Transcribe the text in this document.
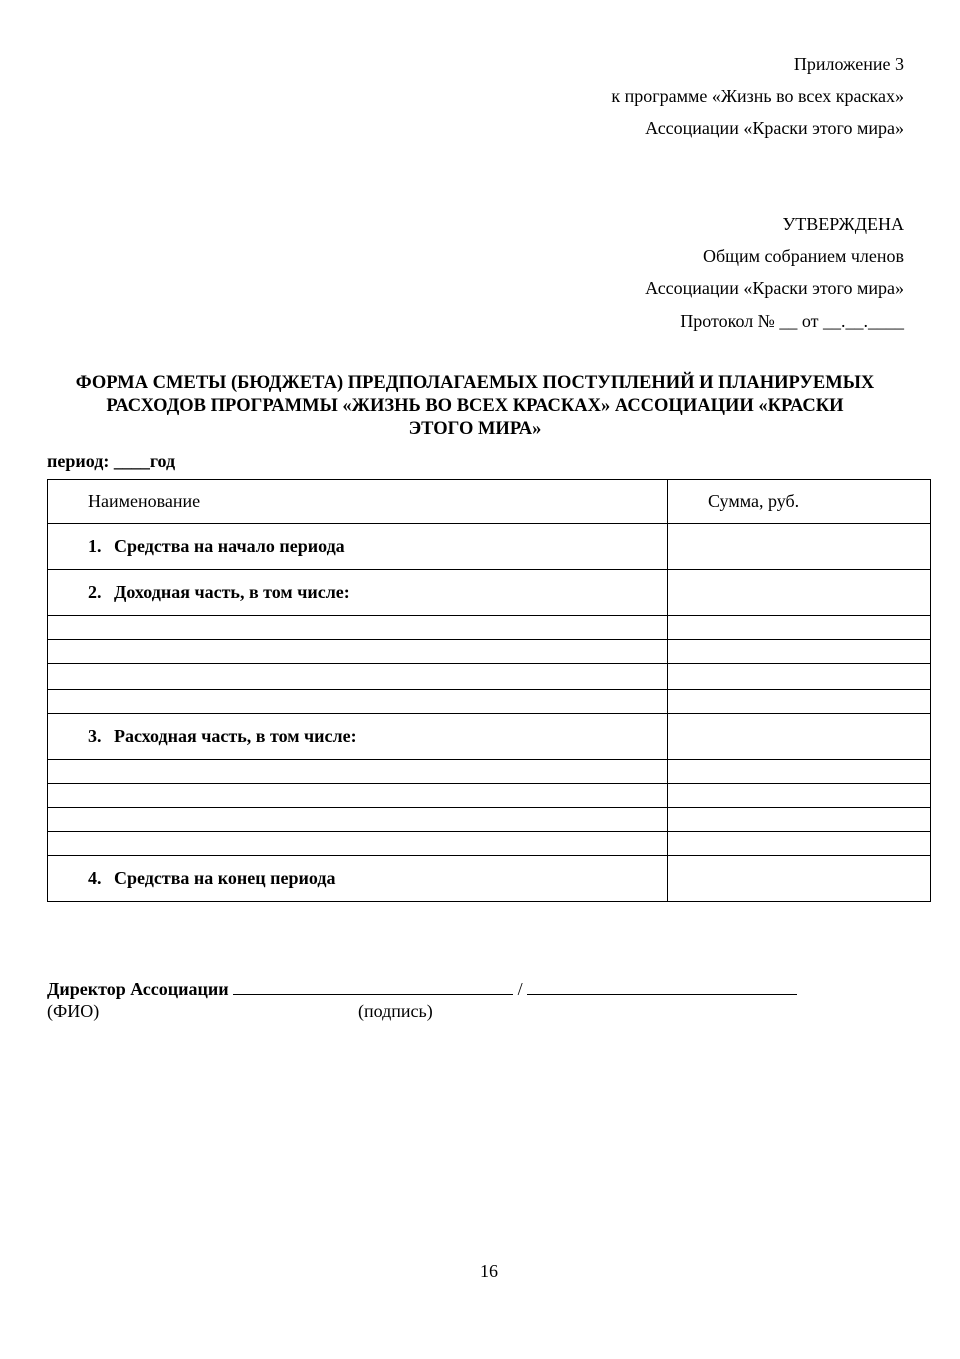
Приложение 3
к программе «Жизнь во всех красках»
Ассоциации «Краски этого мира»
УТВЕРЖДЕНА
Общим собранием членов
Ассоциации «Краски этого мира»
Протокол № __ от __.__.____
ФОРМА СМЕТЫ (БЮДЖЕТА) ПРЕДПОЛАГАЕМЫХ ПОСТУПЛЕНИЙ И ПЛАНИРУЕМЫХ
РАСХОДОВ ПРОГРАММЫ «ЖИЗНЬ ВО ВСЕХ КРАСКАХ» АССОЦИАЦИИ «КРАСКИ
ЭТОГО МИРА»
период: ____год
Наименование	Сумма, руб.
1. Средства на начало периода	
2. Доходная часть, в том числе:	

3. Расходная часть, в том числе:	

4. Средства на конец периода	
Директор Ассоциации	/
(ФИО)	(подпись)
16
